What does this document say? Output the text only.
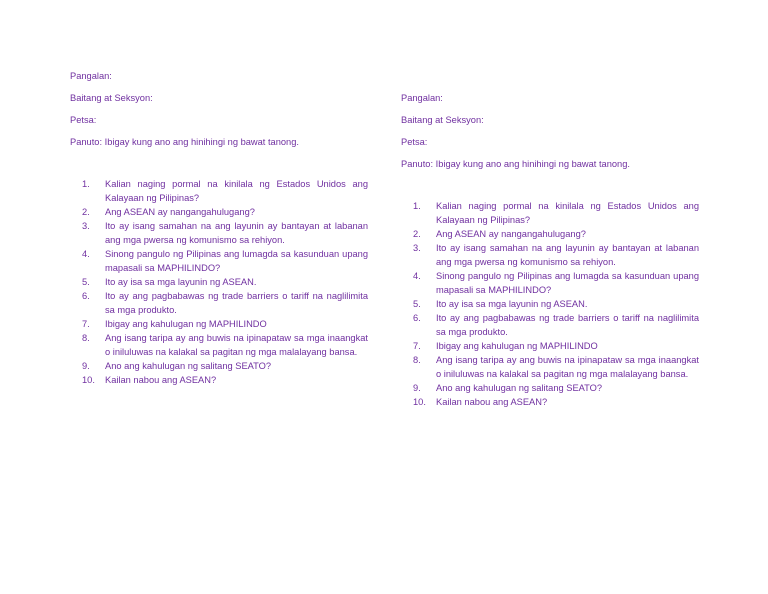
Pangalan:
Baitang at Seksyon:
Petsa:
Panuto: Ibigay kung ano ang hinihingi ng bawat tanong.
1.	Kalian naging pormal na kinilala ng Estados Unidos ang Kalayaan ng Pilipinas?
2.	Ang ASEAN ay nangangahulugang?
3.	Ito ay isang samahan na ang layunin ay bantayan at labanan ang mga pwersa ng komunismo sa rehiyon.
4.	Sinong pangulo ng Pilipinas ang lumagda sa kasunduan upang mapasali sa MAPHILINDO?
5.	Ito ay isa sa mga layunin ng ASEAN.
6.	Ito ay ang pagbabawas ng trade barriers o tariff na naglilimita sa mga produkto.
7.	Ibigay ang kahulugan ng MAPHILINDO
8.	Ang isang taripa ay ang buwis na ipinapataw sa mga inaangkat o iniluluwas na kalakal sa pagitan ng mga malalayang bansa.
9.	Ano ang kahulugan ng salitang SEATO?
10.	Kailan nabou ang ASEAN?
Pangalan:
Baitang at Seksyon:
Petsa:
Panuto: Ibigay kung ano ang hinihingi ng bawat tanong.
1.	Kalian naging pormal na kinilala ng Estados Unidos ang Kalayaan ng Pilipinas?
2.	Ang ASEAN ay nangangahulugang?
3.	Ito ay isang samahan na ang layunin ay bantayan at labanan ang mga pwersa ng komunismo sa rehiyon.
4.	Sinong pangulo ng Pilipinas ang lumagda sa kasunduan upang mapasali sa MAPHILINDO?
5.	Ito ay isa sa mga layunin ng ASEAN.
6.	Ito ay ang pagbabawas ng trade barriers o tariff na naglilimita sa mga produkto.
7.	Ibigay ang kahulugan ng MAPHILINDO
8.	Ang isang taripa ay ang buwis na ipinapataw sa mga inaangkat o iniluluwas na kalakal sa pagitan ng mga malalayang bansa.
9.	Ano ang kahulugan ng salitang SEATO?
10.	Kailan nabou ang ASEAN?
